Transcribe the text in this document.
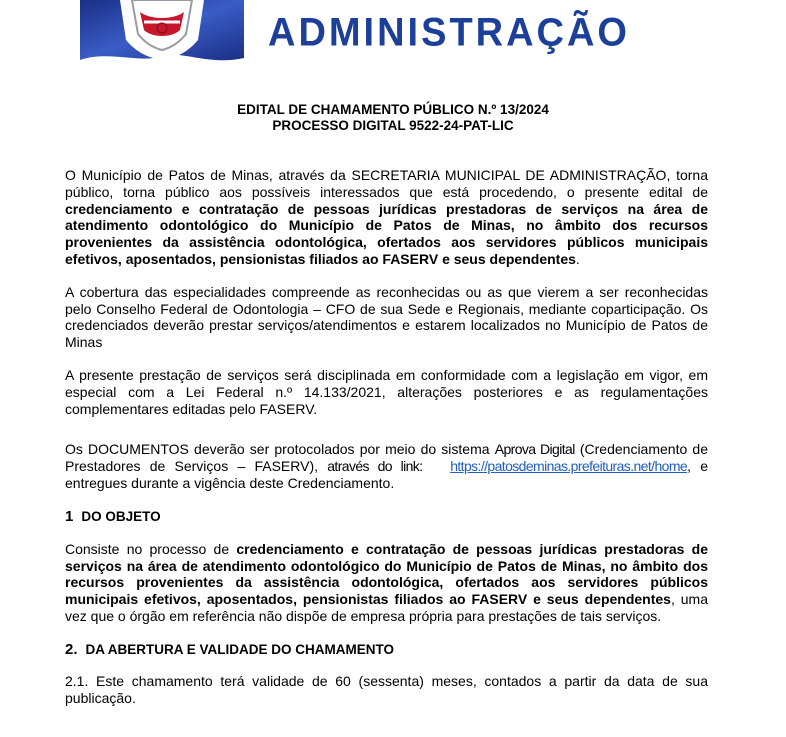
ADMINISTRAÇÃO
EDITAL DE CHAMAMENTO PÚBLICO N.º 13/2024
PROCESSO DIGITAL 9522-24-PAT-LIC

O Município de Patos de Minas, através da SECRETARIA MUNICIPAL DE ADMINISTRAÇÃO, torna público, torna público aos possíveis interessados que está procedendo, o presente edital de credenciamento e contratação de pessoas jurídicas prestadoras de serviços na área de atendimento odontológico do Município de Patos de Minas, no âmbito dos recursos provenientes da assistência odontológica, ofertados aos servidores públicos municipais efetivos, aposentados, pensionistas filiados ao FASERV e seus dependentes.

A cobertura das especialidades compreende as reconhecidas ou as que vierem a ser reconhecidas pelo Conselho Federal de Odontologia – CFO de sua Sede e Regionais, mediante coparticipação. Os credenciados deverão prestar serviços/atendimentos e estarem localizados no Município de Patos de Minas

A presente prestação de serviços será disciplinada em conformidade com a legislação em vigor, em especial com a Lei Federal n.º 14.133/2021, alterações posteriores e as regulamentações complementares editadas pelo FASERV.

Os DOCUMENTOS deverão ser protocolados por meio do sistema Aprova Digital (Credenciamento de Prestadores de Serviços – FASERV), através do link: https://patosdeminas.prefeituras.net/home, e entregues durante a vigência deste Credenciamento.

1 DO OBJETO

Consiste no processo de credenciamento e contratação de pessoas jurídicas prestadoras de serviços na área de atendimento odontológico do Município de Patos de Minas, no âmbito dos recursos provenientes da assistência odontológica, ofertados aos servidores públicos municipais efetivos, aposentados, pensionistas filiados ao FASERV e seus dependentes, uma vez que o órgão em referência não dispõe de empresa própria para prestações de tais serviços.

2. DA ABERTURA E VALIDADE DO CHAMAMENTO

2.1. Este chamamento terá validade de 60 (sessenta) meses, contados a partir da data de sua publicação.
